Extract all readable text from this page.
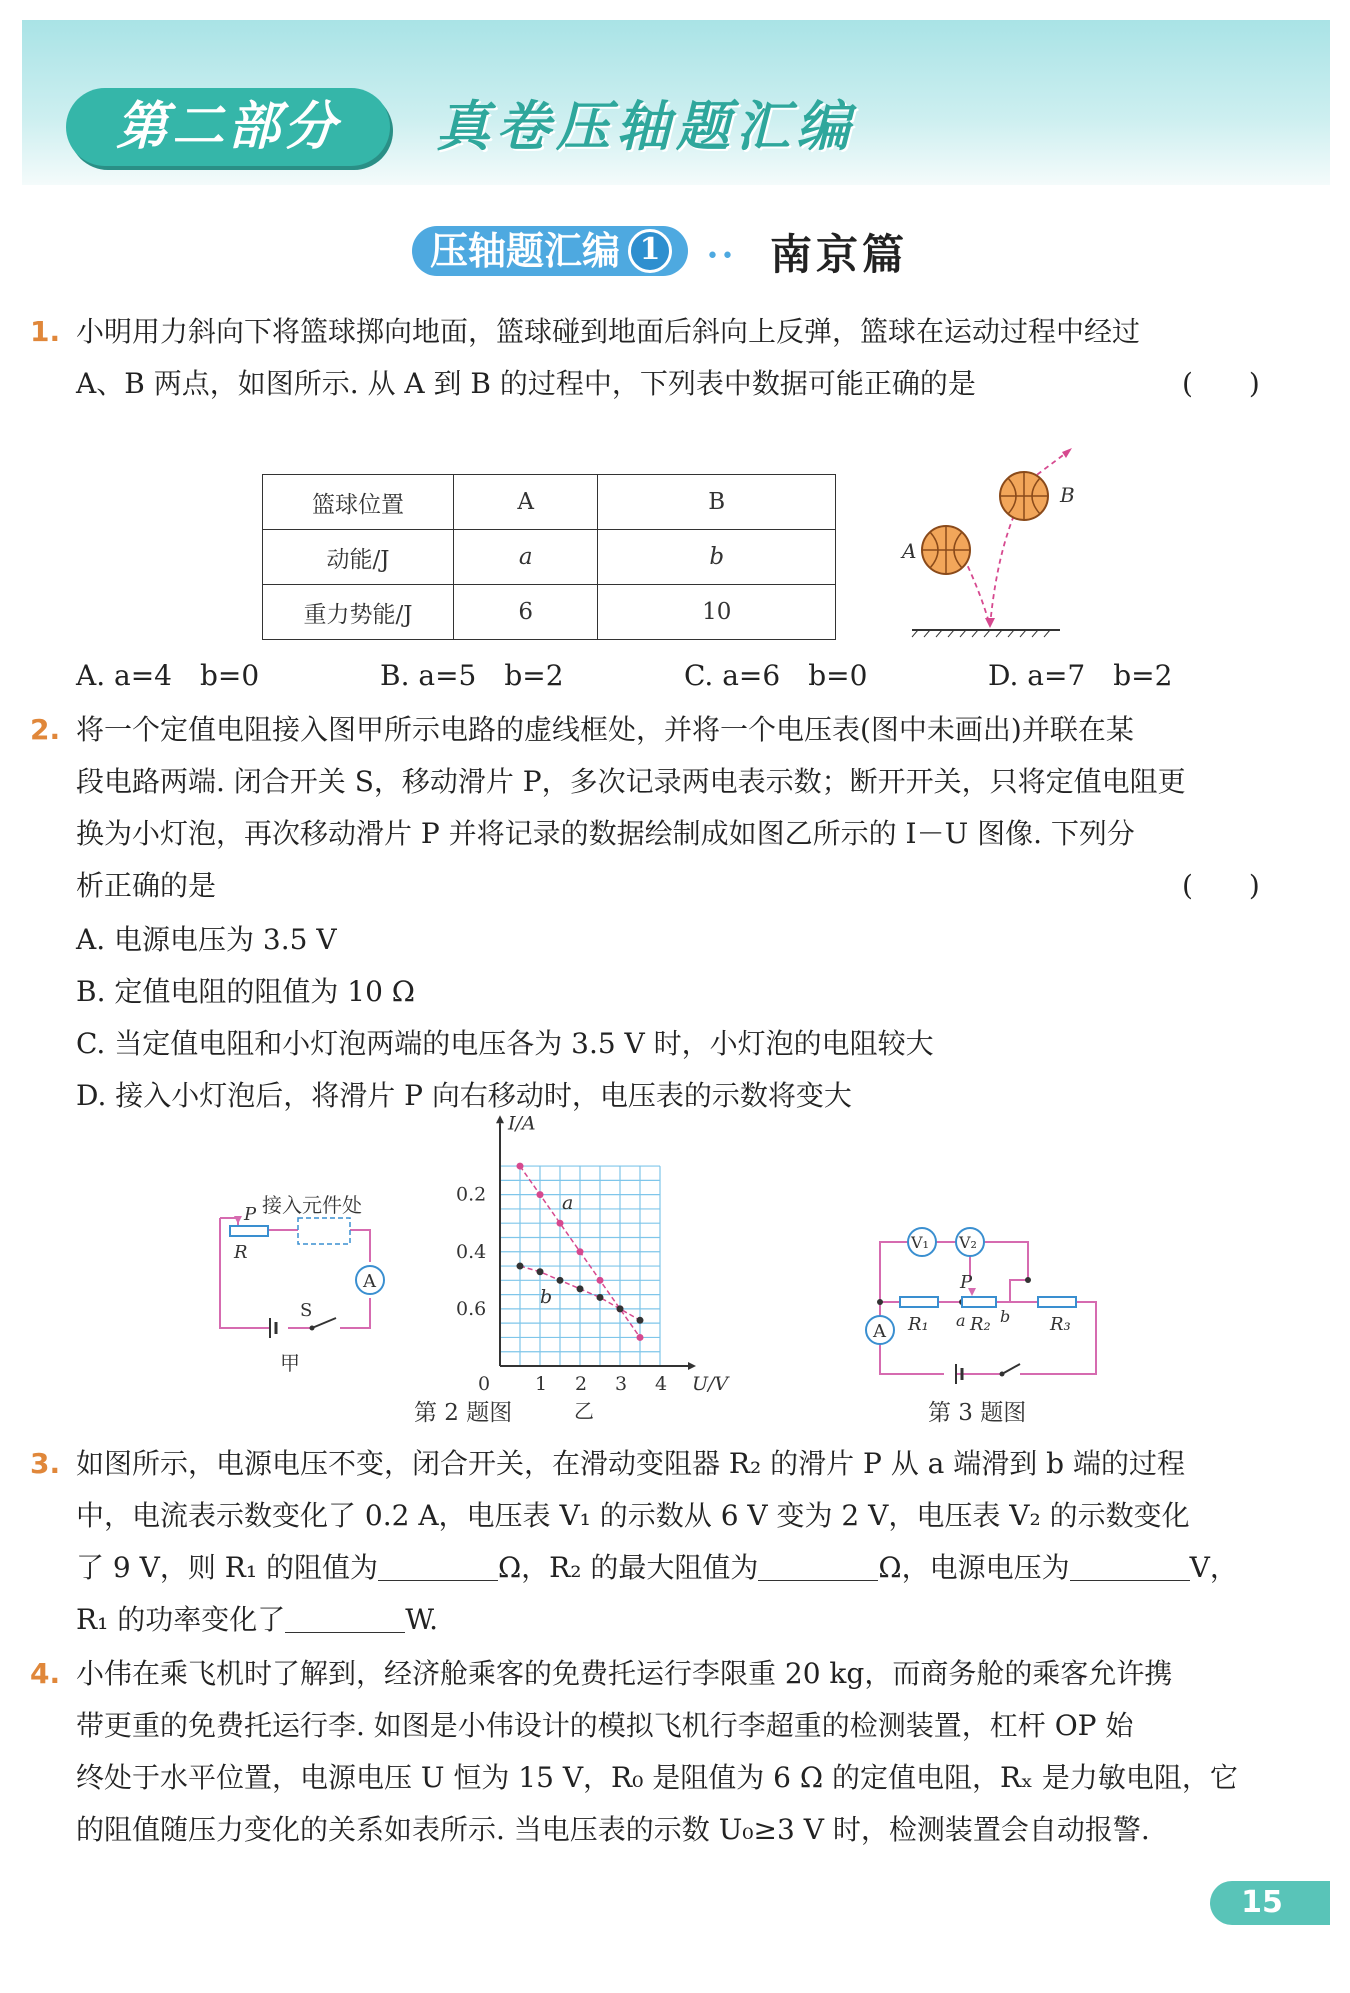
第二部分	真卷压轴题汇编
压轴题汇编 1	•• 南京篇
1. 小明用力斜向下将篮球掷向地面，篮球碰到地面后斜向上反弹，篮球在运动过程中经过
A、B 两点，如图所示. 从 A 到 B 的过程中，下列表中数据可能正确的是	(　　)
篮球位置	A	B
动能/J	a	b
重力势能/J	6	10
A
B
A. a=4　b=0	B. a=5　b=2	C. a=6　b=0	D. a=7　b=2
2. 将一个定值电阻接入图甲所示电路的虚线框处，并将一个电压表(图中未画出)并联在某
段电路两端. 闭合开关 S，移动滑片 P，多次记录两电表示数；断开开关，只将定值电阻更
换为小灯泡，再次移动滑片 P 并将记录的数据绘制成如图乙所示的 I－U 图像. 下列分
析正确的是	(　　)
A. 电源电压为 3.5 V
B. 定值电阻的阻值为 10 Ω
C. 当定值电阻和小灯泡两端的电压各为 3.5 V 时，小灯泡的电阻较大
D. 接入小灯泡后，将滑片 P 向右移动时，电压表的示数将变大
A
P
R
接入元件处
S
甲
1 2 3 4
0.6
0.4
0.2
0
I/A
U/V
a
b
乙
第 2 题图
V₁ V₂
A
P
R₁ R₂	R₃
a b
第 3 题图
3. 如图所示，电源电压不变，闭合开关，在滑动变阻器 R₂ 的滑片 P 从 a 端滑到 b 端的过程
中，电流表示数变化了 0.2 A，电压表 V₁ 的示数从 6 V 变为 2 V，电压表 V₂ 的示数变化
了 9 V，则 R₁ 的阻值为	Ω，R₂ 的最大阻值为	Ω，电源电压为	V，
R₁ 的功率变化了	W.
4. 小伟在乘飞机时了解到，经济舱乘客的免费托运行李限重 20 kg，而商务舱的乘客允许携
带更重的免费托运行李. 如图是小伟设计的模拟飞机行李超重的检测装置，杠杆 OP 始
终处于水平位置，电源电压 U 恒为 15 V，R₀ 是阻值为 6 Ω 的定值电阻，Rₓ 是力敏电阻，它
的阻值随压力变化的关系如表所示. 当电压表的示数 U₀≥3 V 时，检测装置会自动报警.
15
